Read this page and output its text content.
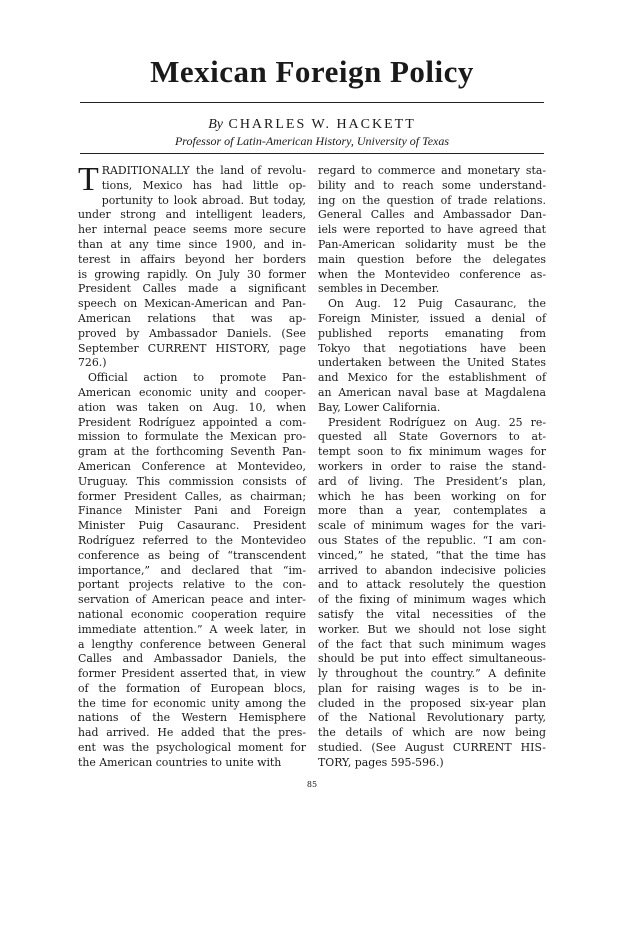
Mexican Foreign Policy
By CHARLES W. HACKETT
Professor of Latin-American History, University of Texas

T RADITIONALLY the land of revolu-
tions, Mexico has had little op-
portunity to look abroad. But today,
under strong and intelligent leaders,
her internal peace seems more secure
than at any time since 1900, and in-
terest in affairs beyond her borders
is growing rapidly. On July 30 former
President Calles made a significant
speech on Mexican-American and Pan-
American relations that was ap-
proved by Ambassador Daniels. (See
September CURRENT HISTORY, page
726.)
Official action to promote Pan-
American economic unity and cooper-
ation was taken on Aug. 10, when
President Rodríguez appointed a com-
mission to formulate the Mexican pro-
gram at the forthcoming Seventh Pan-
American Conference at Montevideo,
Uruguay. This commission consists of
former President Calles, as chairman;
Finance Minister Pani and Foreign
Minister Puig Casauranc. President
Rodríguez referred to the Montevideo
conference as being of “transcendent
importance,” and declared that “im-
portant projects relative to the con-
servation of American peace and inter-
national economic cooperation require
immediate attention.” A week later, in
a lengthy conference between General
Calles and Ambassador Daniels, the
former President asserted that, in view
of the formation of European blocs,
the time for economic unity among the
nations of the Western Hemisphere
had arrived. He added that the pres-
ent was the psychological moment for
the American countries to unite with

regard to commerce and monetary sta-
bility and to reach some understand-
ing on the question of trade relations.
General Calles and Ambassador Dan-
iels were reported to have agreed that
Pan-American solidarity must be the
main question before the delegates
when the Montevideo conference as-
sembles in December.
On Aug. 12 Puig Casauranc, the
Foreign Minister, issued a denial of
published reports emanating from
Tokyo that negotiations have been
undertaken between the United States
and Mexico for the establishment of
an American naval base at Magdalena
Bay, Lower California.
President Rodríguez on Aug. 25 re-
quested all State Governors to at-
tempt soon to fix minimum wages for
workers in order to raise the stand-
ard of living. The President’s plan,
which he has been working on for
more than a year, contemplates a
scale of minimum wages for the vari-
ous States of the republic. “I am con-
vinced,” he stated, “that the time has
arrived to abandon indecisive policies
and to attack resolutely the question
of the fixing of minimum wages which
satisfy the vital necessities of the
worker. But we should not lose sight
of the fact that such minimum wages
should be put into effect simultaneous-
ly throughout the country.” A definite
plan for raising wages is to be in-
cluded in the proposed six-year plan
of the National Revolutionary party,
the details of which are now being
studied. (See August CURRENT HIS-
TORY, pages 595-596.)

85
